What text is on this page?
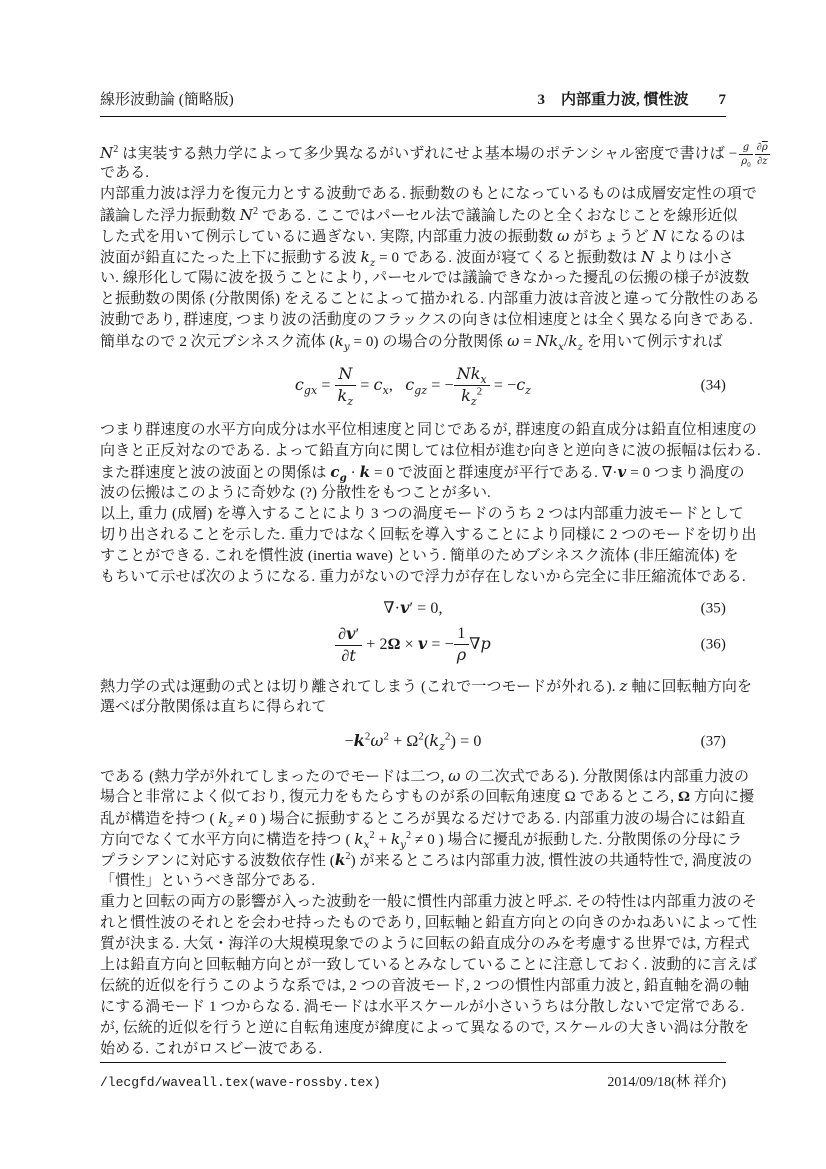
線形波動論 (簡略版)	3 内部重力波, 慣性波 7
$N^2$ は実装する熱力学によって多少異なるがいずれにせよ基本場のポテンシャル密度で書けば − $\frac{g}{\rho_0} \frac{\partial\overline{\rho}}{\partial z}$
である.
内部重力波は浮力を復元力とする波動である. 振動数のもとになっているものは成層安定性の項で
議論した浮力振動数 $N^2$ である. ここではパーセル法で議論したのと全くおなじことを線形近似
した式を用いて例示しているに過ぎない. 実際, 内部重力波の振動数 ω がちょうど N になるのは
波面が鉛直にたった上下に振動する波 $k_z = 0$ である. 波面が寝てくると振動数は N よりは小さ
い. 線形化して陽に波を扱うことにより, パーセルでは議論できなかった擾乱の伝搬の様子が波数
と振動数の関係 (分散関係) をえることによって描かれる. 内部重力波は音波と違って分散性のある
波動であり, 群速度, つまり波の活動度のフラックスの向きは位相速度とは全く異なる向きである.
簡単なので 2 次元ブシネスク流体 $(k_y = 0)$ の場合の分散関係 $\omega = Nk_x/k_z$ を用いて例示すれば
$c_{gx} = \frac{N}{k_z} = c_x$,   $c_{gz}$ = − $\frac{Nk_x}{k_z^2} = -c_z$	(34)
つまり群速度の水平方向成分は水平位相速度と同じであるが, 群速度の鉛直成分は鉛直位相速度の
向きと正反対なのである. よって鉛直方向に関しては位相が進む向きと逆向きに波の振幅は伝わる.
また群速度と波の波面との関係は $c_g \cdot k = 0$ で波面と群速度が平行である. ∇·v = 0 つまり渦度の
波の伝搬はこのように奇妙な (?) 分散性をもつことが多い.
以上, 重力 (成層) を導入することにより 3 つの渦度モードのうち 2 つは内部重力波モードとして
切り出されることを示した. 重力ではなく回転を導入することにより同様に 2 つのモードを切り出
すことができる. これを慣性波 (inertia wave) という. 簡単のためブシネスク流体 (非圧縮流体) を
もちいて示せば次のようになる. 重力がないので浮力が存在しないから完全に非圧縮流体である.
∇·v′ = 0,	(35)
$\frac{\partial v'}{\partial t} + 2\Omega \times v$ = − $\frac{1}{\rho} \nabla p$	(36)
熱力学の式は運動の式とは切り離されてしまう (これで一つモードが外れる). z 軸に回転軸方向を
選べば分散関係は直ちに得られて
$-k^2\omega^2 + \Omega^2(k_z^2) = 0$	(37)
である (熱力学が外れてしまったのでモードは二つ, ω の二次式である). 分散関係は内部重力波の
場合と非常によく似ており, 復元力をもたらすものが系の回転角速度 Ω であるところ, Ω 方向に擾
乱が構造を持つ ( $k_z \ne 0$ ) 場合に振動するところが異なるだけである. 内部重力波の場合には鉛直
方向でなくて水平方向に構造を持つ ( $k_x^2 + k_y^2 \ne 0$ ) 場合に擾乱が振動した. 分散関係の分母にラ
プラシアンに対応する波数依存性 $(k^2)$ が来るところは内部重力波, 慣性波の共通特性で, 渦度波の
「慣性」というべき部分である.
重力と回転の両方の影響が入った波動を一般に慣性内部重力波と呼ぶ. その特性は内部重力波のそ
れと慣性波のそれとを会わせ持ったものであり, 回転軸と鉛直方向との向きのかねあいによって性
質が決まる. 大気・海洋の大規模現象でのように回転の鉛直成分のみを考慮する世界では, 方程式
上は鉛直方向と回転軸方向とが一致しているとみなしていることに注意しておく. 波動的に言えば
伝統的近似を行うこのような系では, 2 つの音波モード, 2 つの慣性内部重力波と, 鉛直軸を渦の軸
にする渦モード 1 つからなる. 渦モードは水平スケールが小さいうちは分散しないで定常である.
が, 伝統的近似を行うと逆に自転角速度が緯度によって異なるので, スケールの大きい渦は分散を
始める. これがロスビー波である.
/lecgfd/waveall.tex(wave-rossby.tex)	2014/09/18(林 祥介)
